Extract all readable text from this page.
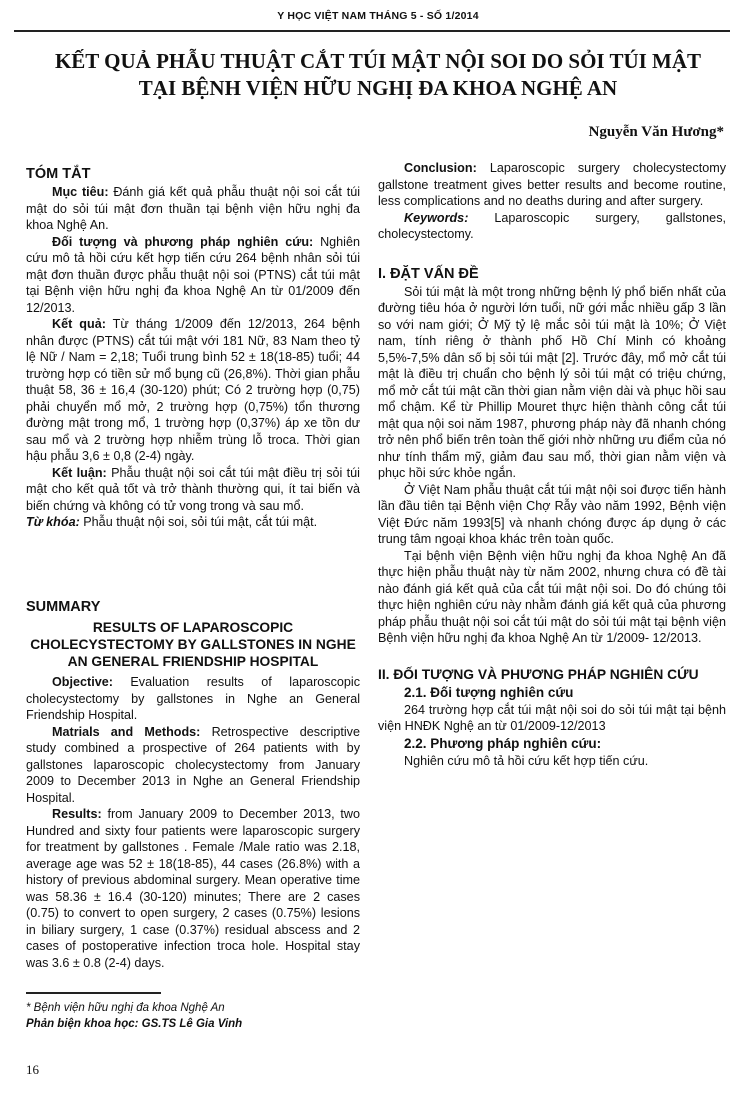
Y HỌC VIỆT NAM THÁNG 5 - SỐ 1/2014
KẾT QUẢ PHẪU THUẬT CẮT TÚI MẬT NỘI SOI DO SỎI TÚI MẬT
TẠI BỆNH VIỆN HỮU NGHỊ ĐA KHOA NGHỆ AN
Nguyễn Văn Hương*
TÓM TẮT

Mục tiêu: Đánh giá kết quả phẫu thuật nội soi cắt túi mật do sỏi túi mật đơn thuần tại bệnh viện hữu nghị đa khoa Nghệ An.

Đối tượng và phương pháp nghiên cứu: Nghiên cứu mô tả hồi cứu kết hợp tiến cứu 264 bệnh nhân sỏi túi mật đơn thuần được phẫu thuật nội soi (PTNS) cắt túi mật tại Bệnh viện hữu nghị đa khoa Nghệ An từ 01/2009 đến 12/2013.

Kết quả: Từ tháng 1/2009 đến 12/2013, 264 bệnh nhân được (PTNS) cắt túi mật với 181 Nữ, 83 Nam theo tỷ lệ Nữ / Nam = 2,18; Tuổi trung bình 52 ± 18(18-85) tuổi; 44 trường hợp có tiền sử mổ bụng cũ (26,8%). Thời gian phẫu thuật 58, 36 ± 16,4 (30-120) phút; Có 2 trường hợp (0,75) phải chuyển mổ mở, 2 trường hợp (0,75%) tổn thương đường mật trong mổ, 1 trường hợp (0,37%) áp xe tồn dư sau mổ và 2 trường hợp nhiễm trùng lỗ troca. Thời gian hậu phẫu 3,6 ± 0,8 (2-4) ngày.

Kết luận: Phẫu thuật nội soi cắt túi mật điều trị sỏi túi mật cho kết quả tốt và trở thành thường qui, ít tai biến và biến chứng và không có tử vong trong và sau mổ.

Từ khóa: Phẫu thuật nội soi, sỏi túi mật, cắt túi mật.

SUMMARY
RESULTS OF LAPAROSCOPIC CHOLECYSTECTOMY BY GALLSTONES IN NGHE AN GENERAL FRIENDSHIP HOSPITAL

Objective: Evaluation results of laparoscopic cholecystectomy by gallstones in Nghe an General Friendship Hospital.

Matrials and Methods: Retrospective descriptive study combined a prospective of 264 patients with by gallstones laparoscopic cholecystectomy from January 2009 to December 2013 in Nghe an General Friendship Hospital.

Results: from January 2009 to December 2013, two Hundred and sixty four patients were laparoscopic surgery for treatment by gallstones . Female /Male ratio was 2.18, average age was 52 ± 18(18-85), 44 cases (26.8%) with a history of previous abdominal surgery. Mean operative time was 58.36 ± 16.4 (30-120) minutes; There are 2 cases (0.75) to convert to open surgery, 2 cases (0.75%) lesions in biliary surgery, 1 case (0.37%) residual abscess and 2 cases of postoperative infection troca hole. Hospital stay was 3.6 ± 0.8 (2-4) days.

Conclusion: Laparoscopic surgery cholecystectomy gallstone treatment gives better results and become routine, less complications and no deaths during and after surgery.

Keywords: Laparoscopic surgery, gallstones, cholecystectomy.

I. ĐẶT VẤN ĐỀ

Sỏi túi mật là một trong những bệnh lý phổ biến nhất của đường tiêu hóa ở người lớn tuổi, nữ gới mắc nhiều gấp 3 lần so với nam giới; Ở Mỹ tỷ lệ mắc sỏi túi mật là 10%; Ở Việt nam, tính riêng ở thành phố Hồ Chí Minh có khoảng 5,5%-7,5% dân số bị sỏi túi mật [2]. Trước đây, mổ mở cắt túi mật là điều trị chuẩn cho bệnh lý sỏi túi mật có triệu chứng, mổ mở cắt túi mật cần thời gian nằm viện dài và phục hồi sau mổ chậm. Kể từ Phillip Mouret thực hiện thành công cắt túi mật qua nội soi năm 1987, phương pháp này đã nhanh chóng trở nên phổ biến trên toàn thế giới nhờ những ưu điểm của nó như tính thẩm mỹ, giảm đau sau mổ, thời gian nằm viện và phục hồi sức khỏe ngắn.

Ở Việt Nam phẫu thuật cắt túi mật nội soi được tiến hành lần đầu tiên tại Bệnh viện Chợ Rẫy vào năm 1992, Bệnh viện Việt Đức năm 1993[5] và nhanh chóng được áp dụng ở các trung tâm ngoại khoa khác trên toàn quốc.

Tại bệnh viện Bệnh viện hữu nghị đa khoa Nghệ An đã thực hiện phẫu thuật này từ năm 2002, nhưng chưa có đề tài nào đánh giá kết quả của cắt túi mật nội soi. Do đó chúng tôi thực hiện nghiên cứu này nhằm đánh giá kết quả của phương pháp phẫu thuật nội soi cắt túi mật do sỏi túi mật tại bệnh viện Bệnh viện hữu nghị đa khoa Nghệ An từ 1/2009- 12/2013.

II. ĐỐI TƯỢNG VÀ PHƯƠNG PHÁP NGHIÊN CỨU
2.1. Đối tượng nghiên cứu

264 trường hợp cắt túi mật nội soi do sỏi túi mật tại bệnh viện HNĐK Nghệ an từ 01/2009-12/2013

2.2. Phương pháp nghiên cứu:

Nghiên cứu mô tả hồi cứu kết hợp tiến cứu.

* Bệnh viện hữu nghị đa khoa Nghệ An
Phản biện khoa học: GS.TS Lê Gia Vinh
16
